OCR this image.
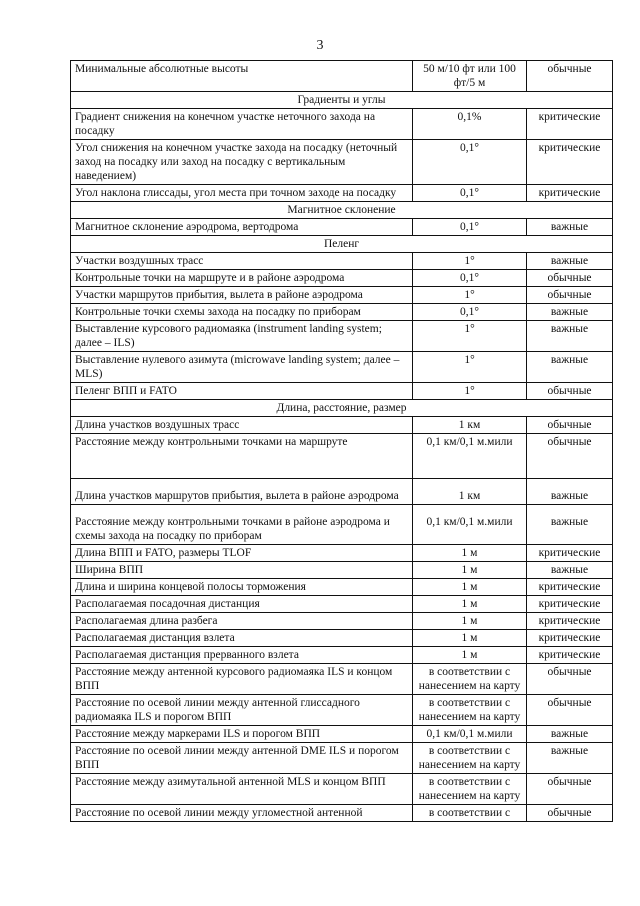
3
Минимальные абсолютные высоты	50 м/10 фт или 100 фт/5 м	обычные
Градиенты и углы		
Градиент снижения на конечном участке неточного захода на посадку	0,1%	критические
Угол снижения на конечном участке захода на посадку (неточный заход на посадку или заход на посадку с вертикальным наведением)	0,1°	критические
Угол наклона глиссады, угол места при точном заходе на посадку	0,1°	критические
Магнитное склонение		
Магнитное склонение аэродрома, вертодрома	0,1°	важные
Пеленг		
Участки воздушных трасс	1°	важные
Контрольные точки на маршруте и в районе аэродрома	0,1°	обычные
Участки маршрутов прибытия, вылета в районе аэродрома	1°	обычные
Контрольные точки схемы захода на посадку по приборам	0,1°	важные
Выставление курсового радиомаяка (instrument landing system; далее – ILS)	1°	важные
Выставление нулевого азимута (microwave landing system; далее – MLS)	1°	важные
Пеленг ВПП и FATO	1°	обычные
Длина, расстояние, размер		
Длина участков воздушных трасс	1 км	обычные
Расстояние между контрольными точками на маршруте	0,1 км/0,1 м.мили	обычные
Длина участков маршрутов прибытия, вылета в районе аэродрома	1 км	важные
Расстояние между контрольными точками в районе аэродрома и схемы захода на посадку по приборам	0,1 км/0,1 м.мили	важные
Длина ВПП и FATO, размеры TLOF	1 м	критические
Ширина ВПП	1 м	важные
Длина и ширина концевой полосы торможения	1 м	критические
Располагаемая посадочная дистанция	1 м	критические
Располагаемая длина разбега	1 м	критические
Располагаемая дистанция взлета	1 м	критические
Располагаемая дистанция прерванного взлета	1 м	критические
Расстояние между антенной курсового радиомаяка ILS и концом ВПП	в соответствии с нанесением на карту	обычные
Расстояние по осевой линии между антенной глиссадного радиомаяка ILS и порогом ВПП	в соответствии с нанесением на карту	обычные
Расстояние между маркерами ILS и порогом ВПП	0,1 км/0,1 м.мили	важные
Расстояние по осевой линии между антенной DME ILS и порогом ВПП	в соответствии с нанесением на карту	важные
Расстояние между азимутальной антенной MLS и концом ВПП	в соответствии с нанесением на карту	обычные
Расстояние по осевой линии между угломестной антенной	в соответствии с	обычные
